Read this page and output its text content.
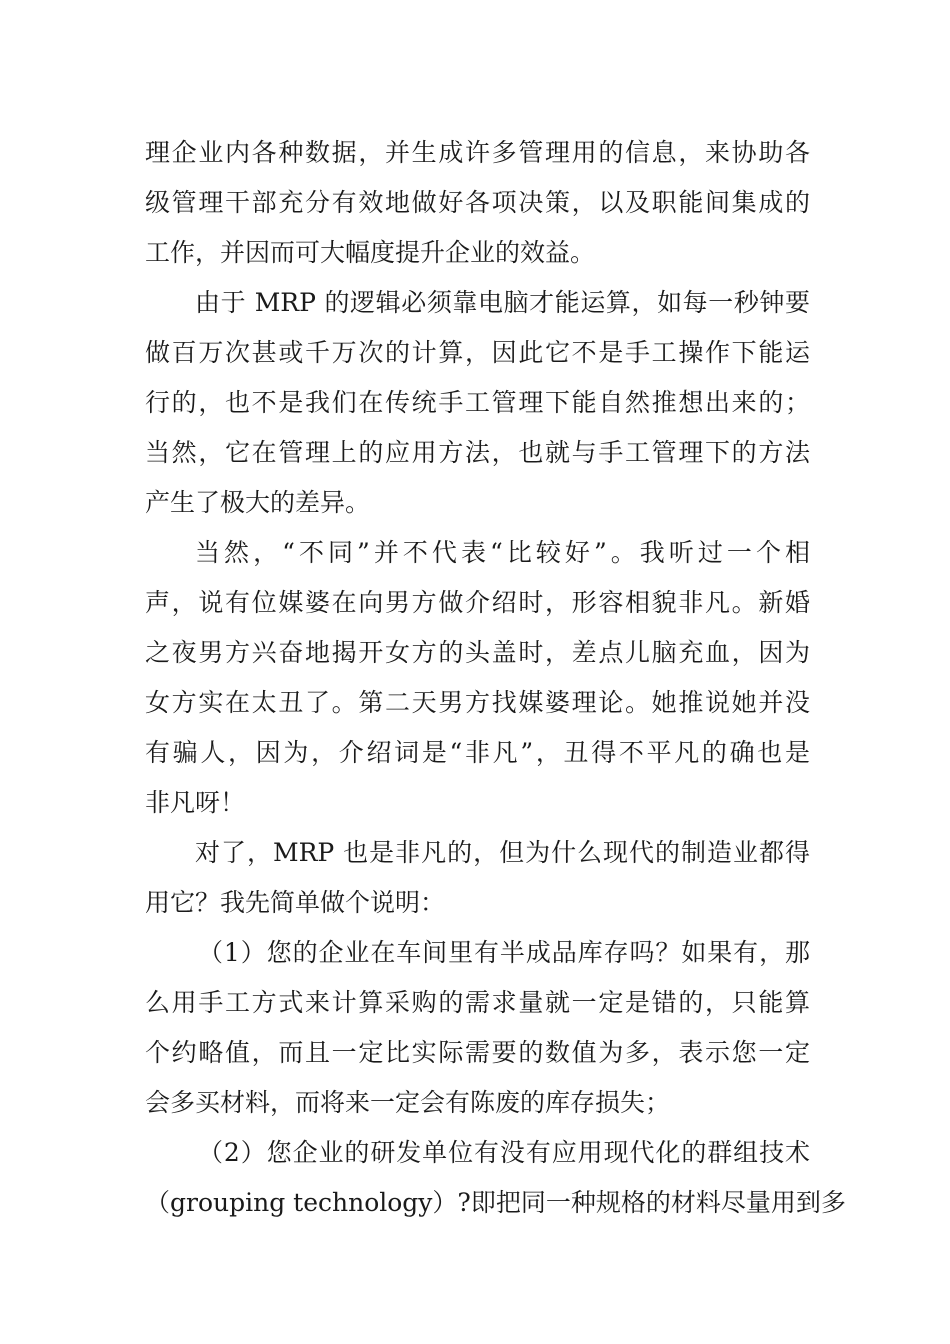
理企业内各种数据，并生成许多管理用的信息，来协助各
级管理干部充分有效地做好各项决策，以及职能间集成的
工作，并因而可大幅度提升企业的效益。
由于 MRP 的逻辑必须靠电脑才能运算，如每一秒钟要
做百万次甚或千万次的计算，因此它不是手工操作下能运
行的，也不是我们在传统手工管理下能自然推想出来的；
当然，它在管理上的应用方法，也就与手工管理下的方法
产生了极大的差异。
当然，“不同”并不代表“比较好”。我听过一个相
声，说有位媒婆在向男方做介绍时，形容相貌非凡。新婚
之夜男方兴奋地揭开女方的头盖时，差点儿脑充血，因为
女方实在太丑了。第二天男方找媒婆理论。她推说她并没
有骗人，因为，介绍词是“非凡”，丑得不平凡的确也是
非凡呀！
对了，MRP 也是非凡的，但为什么现代的制造业都得
用它？我先简单做个说明：
（1）您的企业在车间里有半成品库存吗？如果有，那
么用手工方式来计算采购的需求量就一定是错的，只能算
个约略值，而且一定比实际需要的数值为多，表示您一定
会多买材料，而将来一定会有陈废的库存损失；
（2）您企业的研发单位有没有应用现代化的群组技术
（grouping technology）?即把同一种规格的材料尽量用到多
